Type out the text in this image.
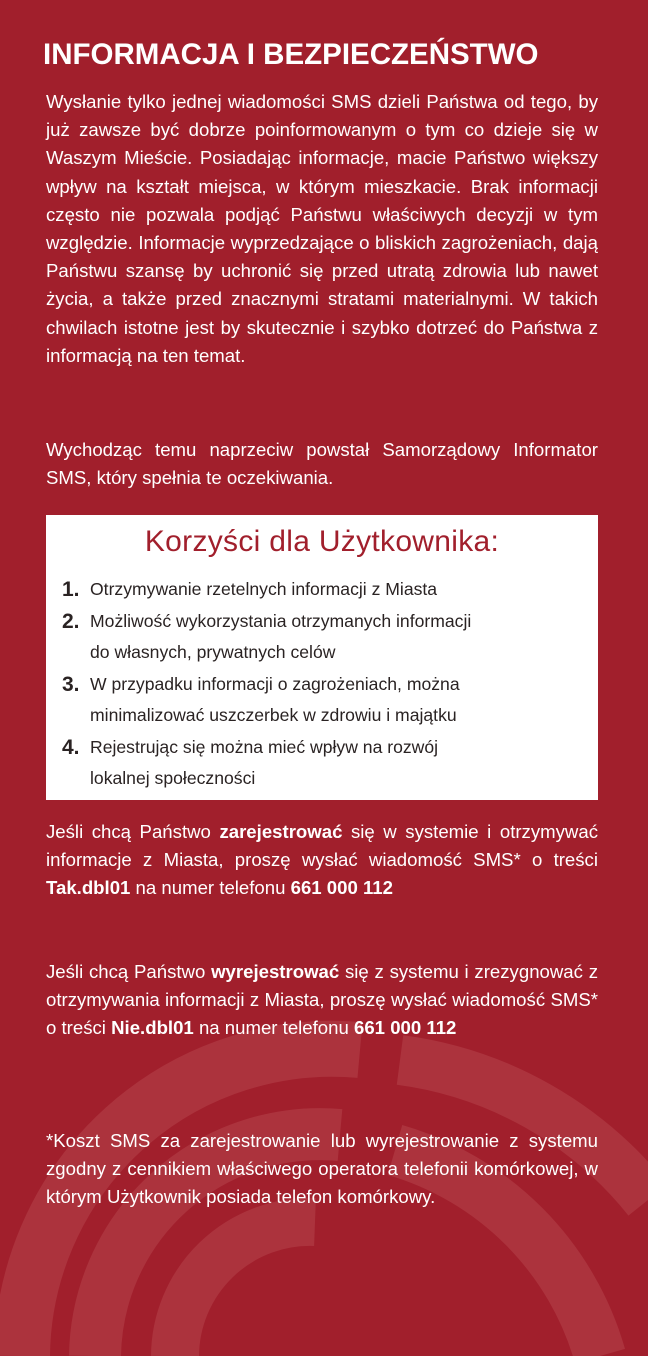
INFORMACJA I BEZPIECZEŃSTWO

Wysłanie tylko jednej wiadomości SMS dzieli Państwa od tego, by już zawsze być dobrze poinformowanym o tym co dzieje się w Waszym Mieście. Posiadając informacje, macie Państwo większy wpływ na kształt miejsca, w którym mieszkacie. Brak informacji często nie pozwala podjąć Państwu właściwych decyzji w tym względzie. Informacje wyprzedzające o bliskich zagrożeniach, dają Państwu szansę by uchronić się przed utratą zdrowia lub nawet życia, a także przed znacznymi stratami materialnymi. W takich chwilach istotne jest by skutecznie i szybko dotrzeć do Państwa z informacją na ten temat.

Wychodząc temu naprzeciw powstał Samorządowy Informator SMS, który spełnia te oczekiwania.

Korzyści dla Użytkownika:
1. Otrzymywanie rzetelnych informacji z Miasta
2. Możliwość wykorzystania otrzymanych informacji
do własnych, prywatnych celów
3. W przypadku informacji o zagrożeniach, można
minimalizować uszczerbek w zdrowiu i majątku
4. Rejestrując się można mieć wpływ na rozwój
lokalnej społeczności

Jeśli chcą Państwo zarejestrować się w systemie i otrzymywać informacje z Miasta, proszę wysłać wiadomość SMS* o treści Tak.dbl01 na numer telefonu 661 000 112

Jeśli chcą Państwo wyrejestrować się z systemu i zrezygnować z otrzymywania informacji z Miasta, proszę wysłać wiadomość SMS* o treści Nie.dbl01 na numer telefonu 661 000 112

*Koszt SMS za zarejestrowanie lub wyrejestrowanie z systemu zgodny z cennikiem właściwego operatora telefonii komórkowej, w którym Użytkownik posiada telefon komórkowy.
